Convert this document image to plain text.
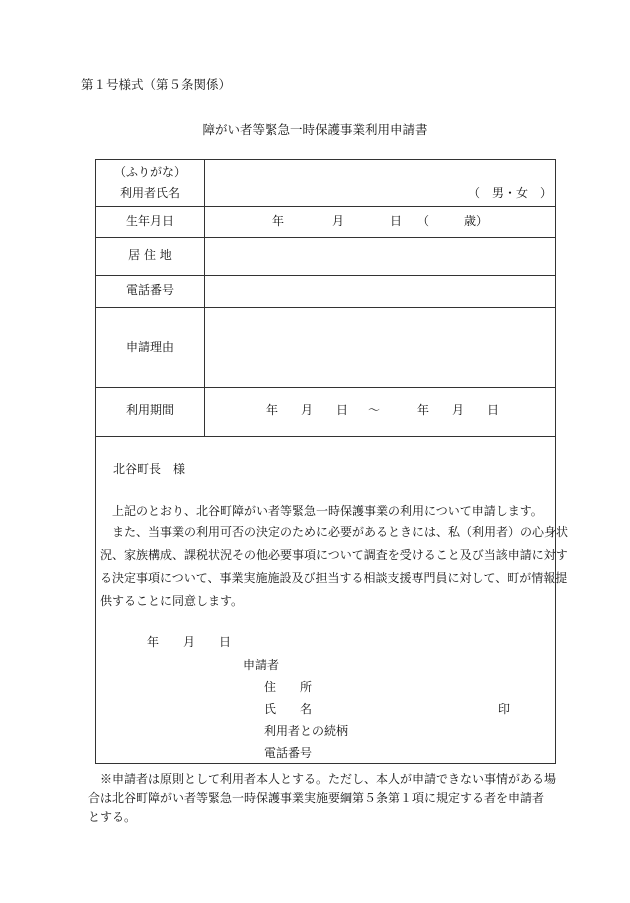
第１号様式（第５条関係）
障がい者等緊急一時保護事業利用申請書
（ふりがな）
利用者氏名	（　男・女　）
生年月日	年	月	日 （	歳）
居 住 地
電話番号
申請理由
利用期間	年 月 日 ～	年 月 日
北谷町長　様
　上記のとおり、北谷町障がい者等緊急一時保護事業の利用について申請します。
　また、当事業の利用可否の決定のために必要があるときには、私（利用者）の心身状
況、家族構成、課税状況その他必要事項について調査を受けること及び当該申請に対す
る決定事項について、事業実施施設及び担当する相談支援専門員に対して、町が情報提
供することに同意します。
年 月 日
申請者
住　　所
氏　　名	印
利用者との続柄
電話番号
※申請者は原則として利用者本人とする。ただし、本人が申請できない事情がある場
合は北谷町障がい者等緊急一時保護事業実施要綱第５条第１項に規定する者を申請者
とする。
